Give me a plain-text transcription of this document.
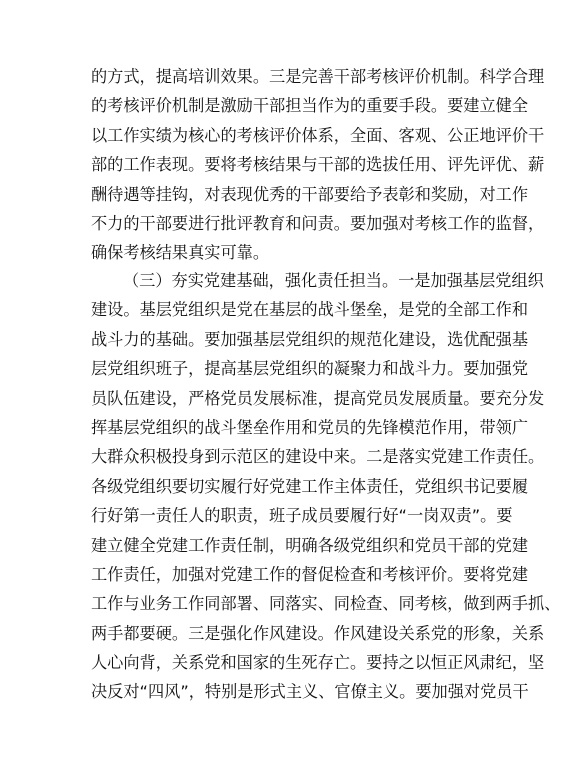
的方式，提高培训效果。三是完善干部考核评价机制。科学合理
的考核评价机制是激励干部担当作为的重要手段。要建立健全
以工作实绩为核心的考核评价体系，全面、客观、公正地评价干
部的工作表现。要将考核结果与干部的选拔任用、评先评优、薪
酬待遇等挂钩，对表现优秀的干部要给予表彰和奖励，对工作
不力的干部要进行批评教育和问责。要加强对考核工作的监督，
确保考核结果真实可靠。
（三）夯实党建基础，强化责任担当。一是加强基层党组织
建设。基层党组织是党在基层的战斗堡垒，是党的全部工作和
战斗力的基础。要加强基层党组织的规范化建设，选优配强基
层党组织班子，提高基层党组织的凝聚力和战斗力。要加强党
员队伍建设，严格党员发展标准，提高党员发展质量。要充分发
挥基层党组织的战斗堡垒作用和党员的先锋模范作用，带领广
大群众积极投身到示范区的建设中来。二是落实党建工作责任。
各级党组织要切实履行好党建工作主体责任，党组织书记要履
行好第一责任人的职责，班子成员要履行好“一岗双责”。要
建立健全党建工作责任制，明确各级党组织和党员干部的党建
工作责任，加强对党建工作的督促检查和考核评价。要将党建
工作与业务工作同部署、同落实、同检查、同考核，做到两手抓、
两手都要硬。三是强化作风建设。作风建设关系党的形象，关系
人心向背，关系党和国家的生死存亡。要持之以恒正风肃纪，坚
决反对“四风”，特别是形式主义、官僚主义。要加强对党员干
